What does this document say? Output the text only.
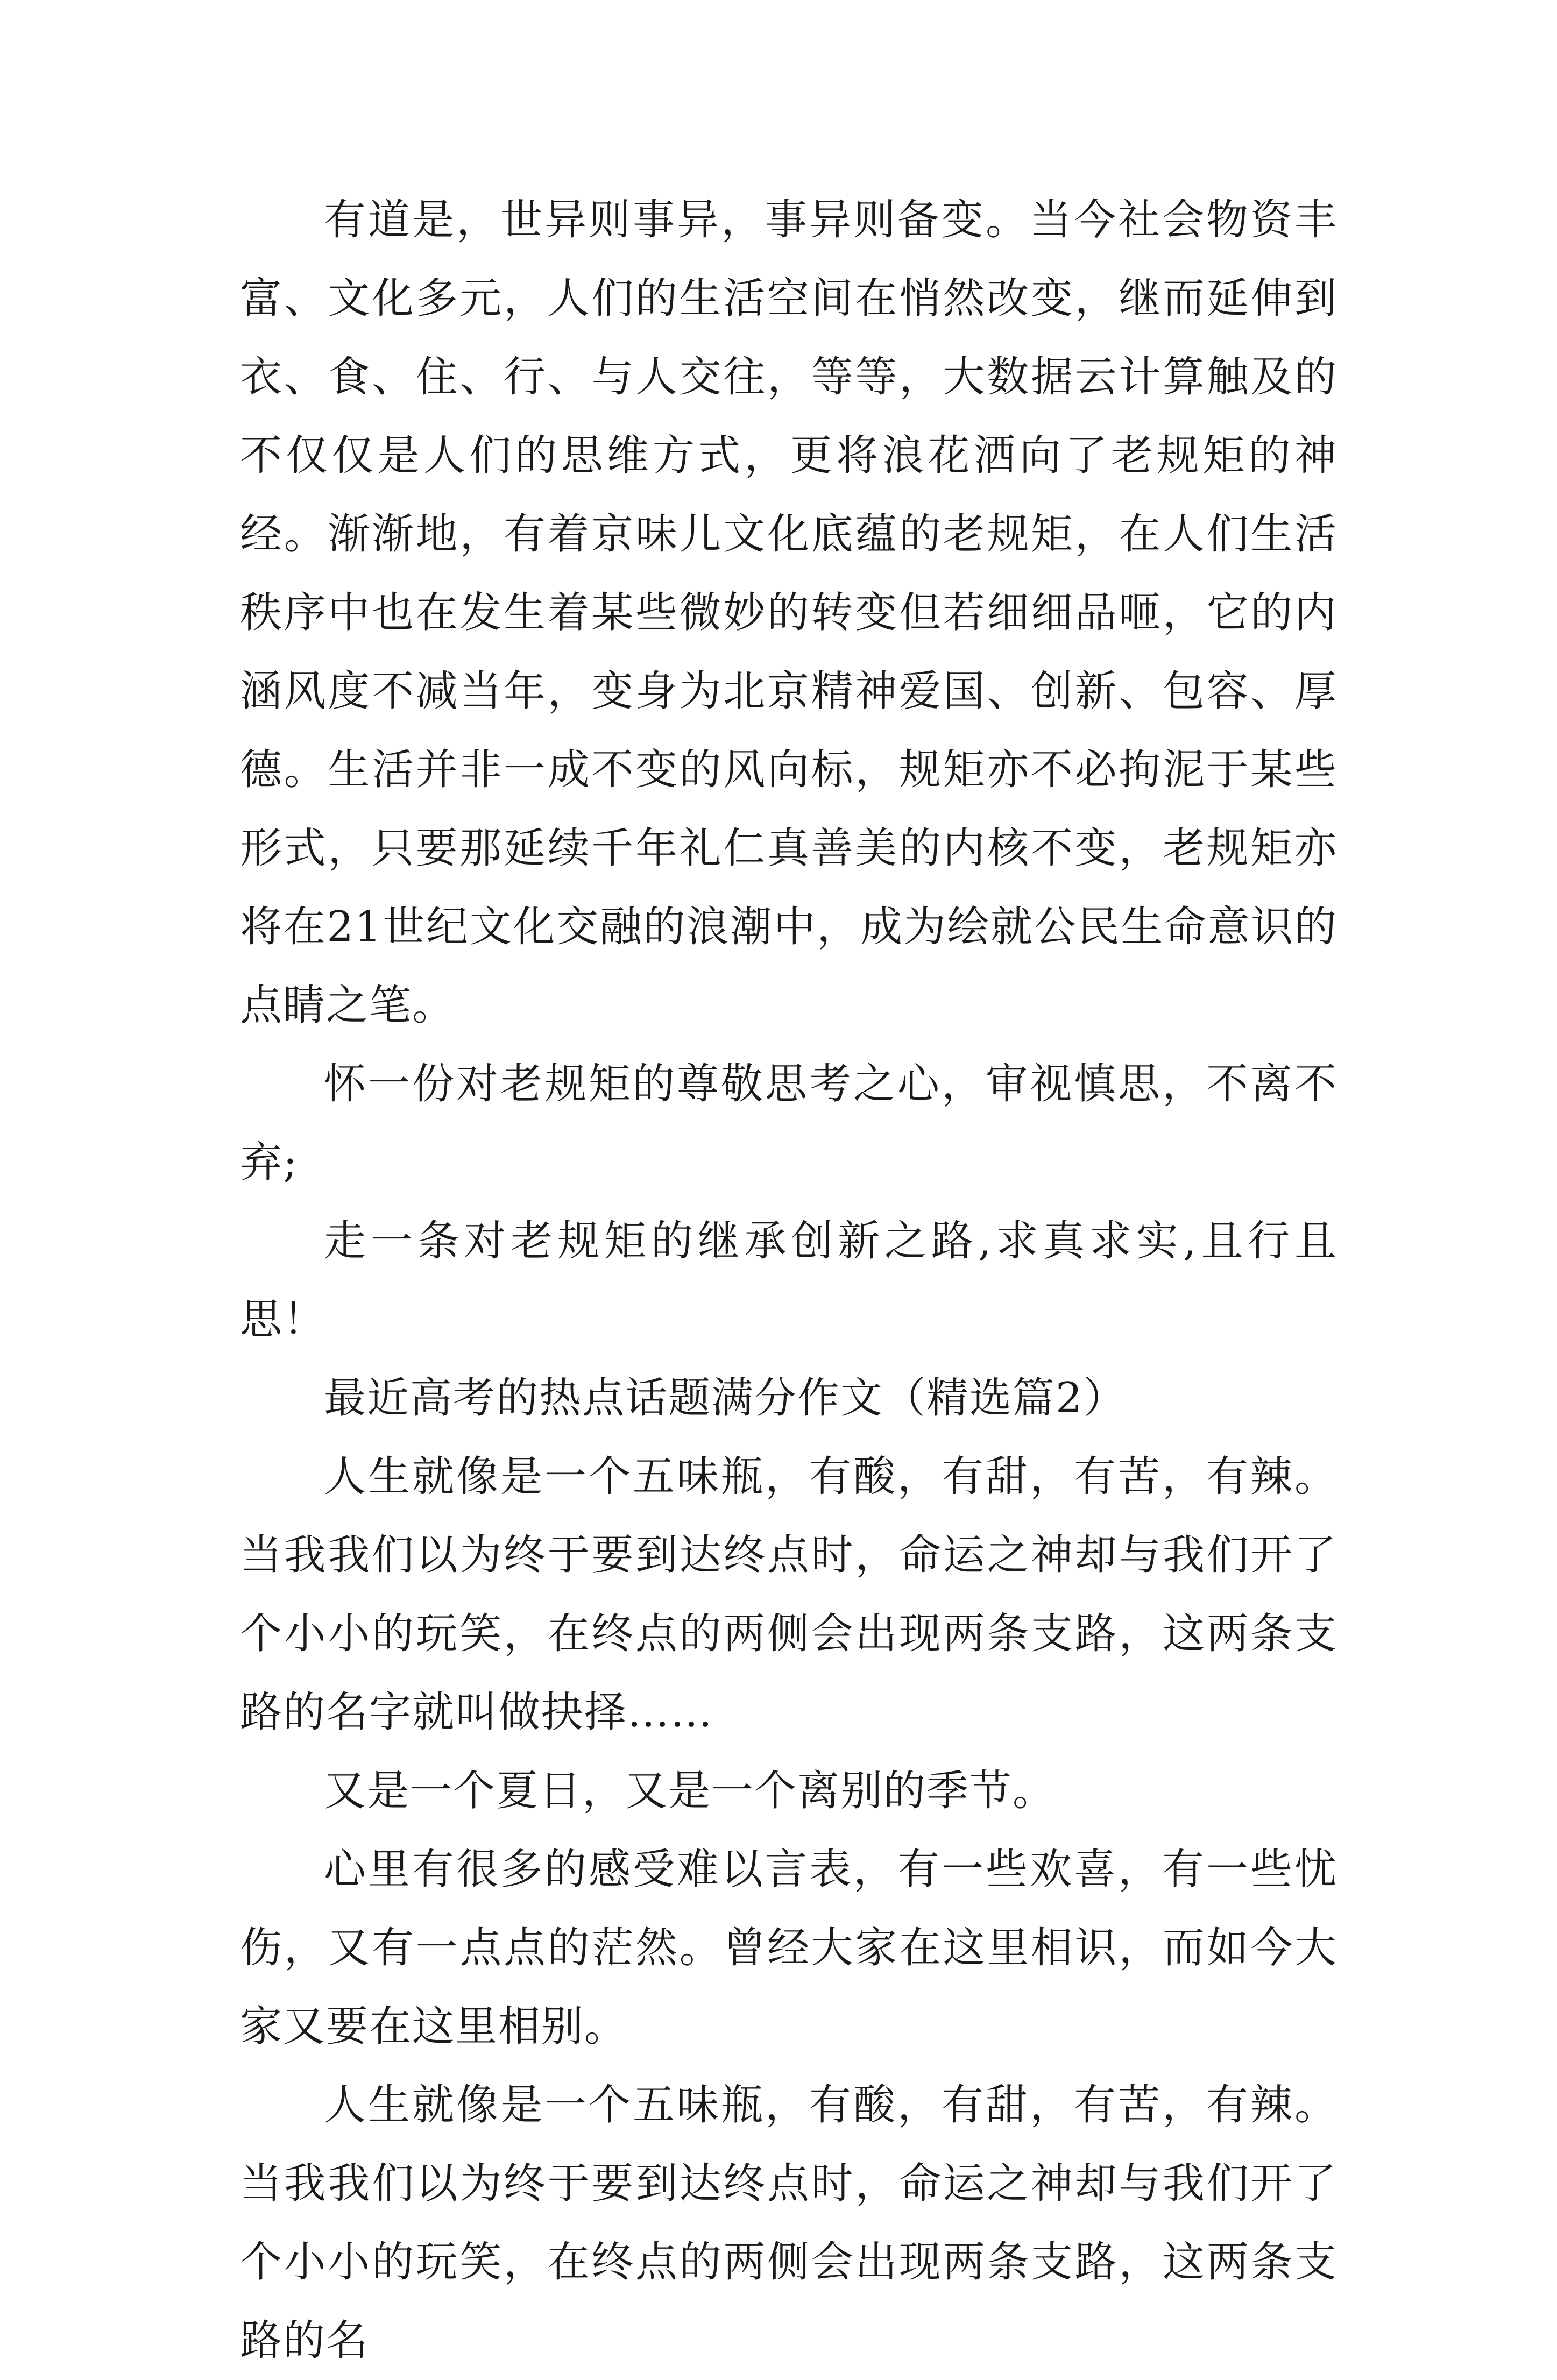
有道是，世异则事异，事异则备变。当今社会物资丰富、文化多元，人们的生活空间在悄然改变，继而延伸到衣、食、住、行、与人交往，等等，大数据云计算触及的不仅仅是人们的思维方式，更将浪花洒向了老规矩的神经。渐渐地，有着京味儿文化底蕴的老规矩，在人们生活秩序中也在发生着某些微妙的转变但若细细品咂，它的内涵风度不减当年，变身为北京精神爱国、创新、包容、厚德。生活并非一成不变的风向标，规矩亦不必拘泥于某些形式，只要那延续千年礼仁真善美的内核不变，老规矩亦将在21世纪文化交融的浪潮中，成为绘就公民生命意识的点睛之笔。

怀一份对老规矩的尊敬思考之心，审视慎思，不离不弃;

走一条对老规矩的继承创新之路,求真求实,且行且思！

最近高考的热点话题满分作文（精选篇2）

人生就像是一个五味瓶，有酸，有甜，有苦，有辣。当我我们以为终于要到达终点时，命运之神却与我们开了个小小的玩笑，在终点的两侧会出现两条支路，这两条支路的名字就叫做抉择……

又是一个夏日，又是一个离别的季节。

心里有很多的感受难以言表，有一些欢喜，有一些忧伤，又有一点点的茫然。曾经大家在这里相识，而如今大家又要在这里相别。

人生就像是一个五味瓶，有酸，有甜，有苦，有辣。当我我们以为终于要到达终点时，命运之神却与我们开了个小小的玩笑，在终点的两侧会出现两条支路，这两条支路的名
